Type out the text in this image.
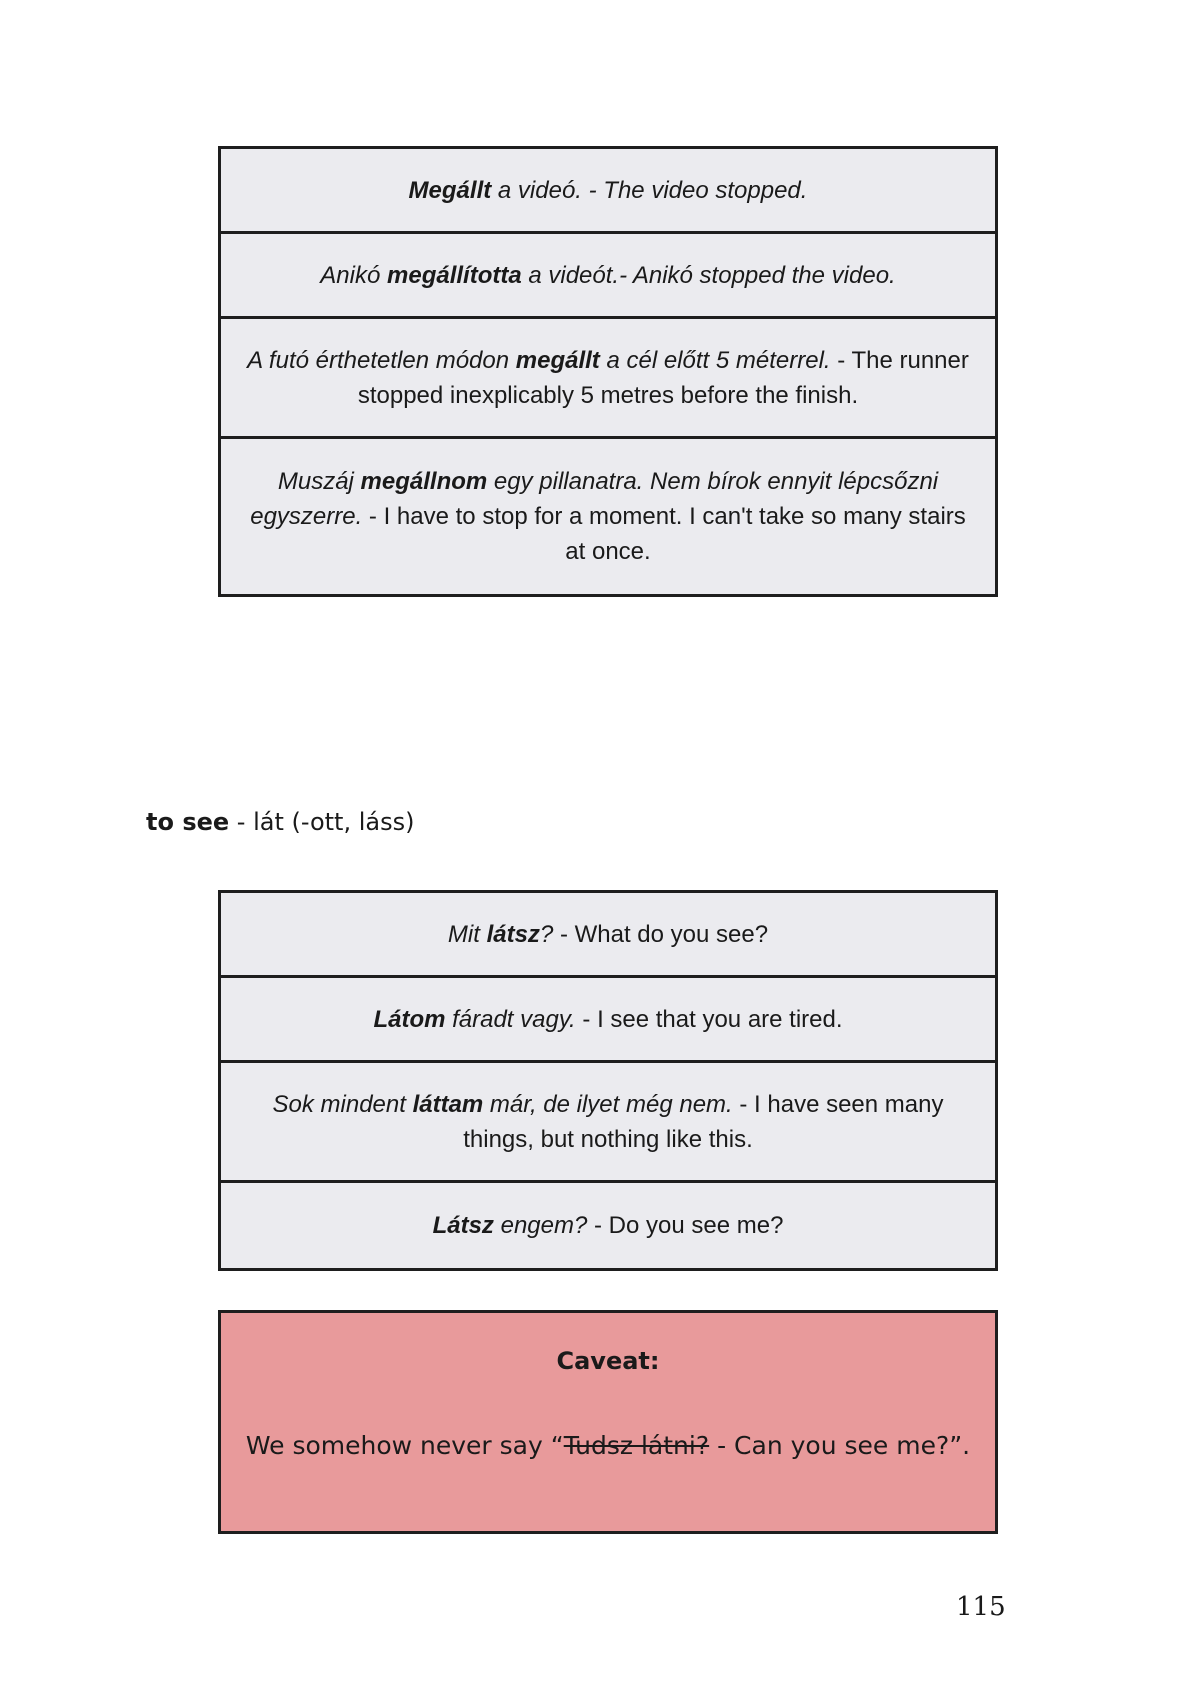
Megállt a videó. - The video stopped.
Anikó megállította a videót.- Anikó stopped the video.
A futó érthetetlen módon megállt a cél előtt 5 méterrel. - The runner stopped inexplicably 5 metres before the finish.
Muszáj megállnom egy pillanatra. Nem bírok ennyit lépcsőzni egyszerre. - I have to stop for a moment. I can't take so many stairs at once.
to see - lát (-ott, láss)
Mit látsz? - What do you see?
Látom fáradt vagy. - I see that you are tired.
Sok mindent láttam már, de ilyet még nem. - I have seen many things, but nothing like this.
Látsz engem? - Do you see me?
Caveat:
We somehow never say “Tudsz látni? - Can you see me?”.
115
